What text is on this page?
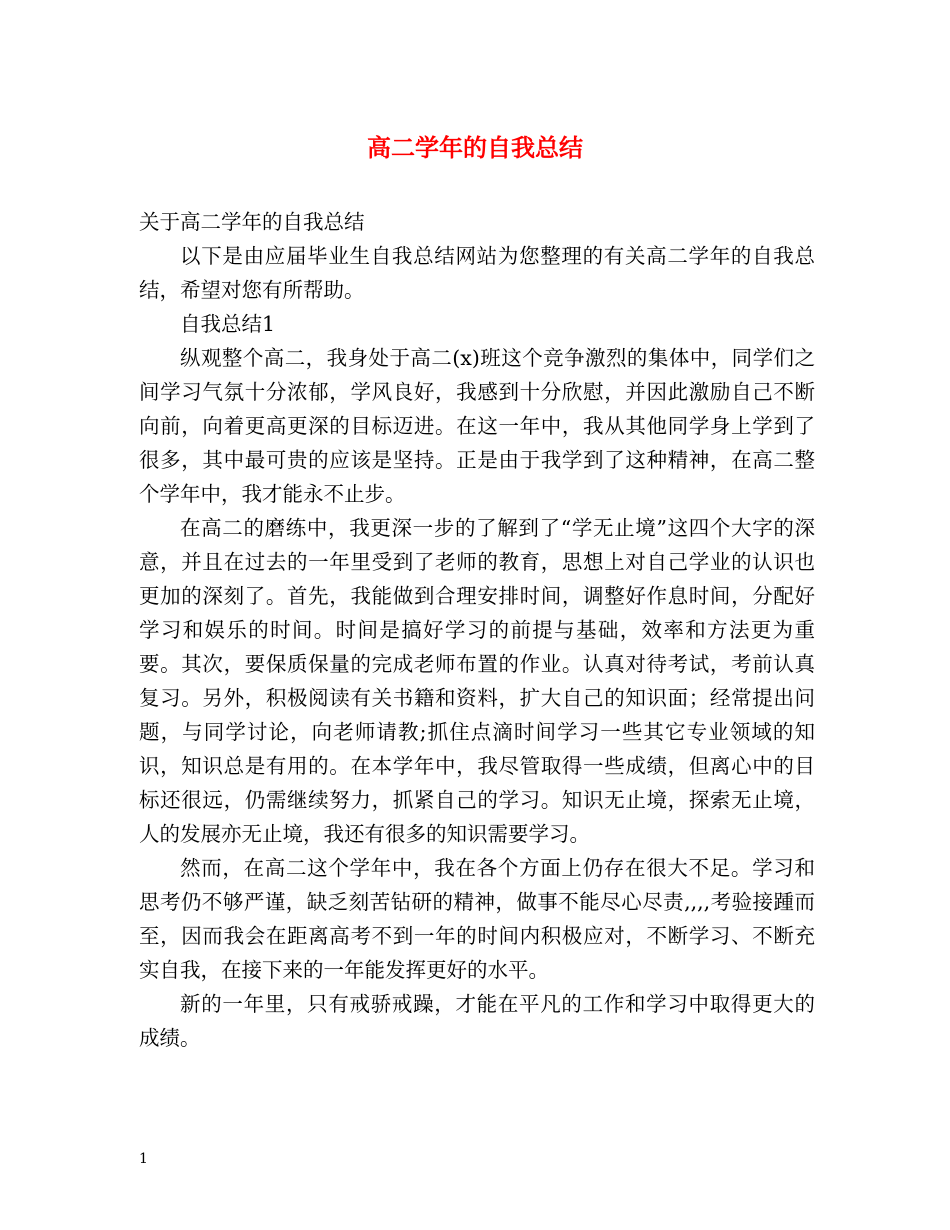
高二学年的自我总结

关于高二学年的自我总结

以下是由应届毕业生自我总结网站为您整理的有关高二学年的自我总结，希望对您有所帮助。

自我总结1

纵观整个高二，我身处于高二(x)班这个竞争激烈的集体中，同学们之间学习气氛十分浓郁，学风良好，我感到十分欣慰，并因此激励自己不断向前，向着更高更深的目标迈进。在这一年中，我从其他同学身上学到了很多，其中最可贵的应该是坚持。正是由于我学到了这种精神，在高二整个学年中，我才能永不止步。

在高二的磨练中，我更深一步的了解到了“学无止境”这四个大字的深意，并且在过去的一年里受到了老师的教育，思想上对自己学业的认识也更加的深刻了。首先，我能做到合理安排时间，调整好作息时间，分配好学习和娱乐的时间。时间是搞好学习的前提与基础，效率和方法更为重要。其次，要保质保量的完成老师布置的作业。认真对待考试，考前认真复习。另外，积极阅读有关书籍和资料，扩大自己的知识面；经常提出问题，与同学讨论，向老师请教;抓住点滴时间学习一些其它专业领域的知识，知识总是有用的。在本学年中，我尽管取得一些成绩，但离心中的目标还很远，仍需继续努力，抓紧自己的学习。知识无止境，探索无止境，人的发展亦无止境，我还有很多的知识需要学习。

然而，在高二这个学年中，我在各个方面上仍存在很大不足。学习和思考仍不够严谨，缺乏刻苦钻研的精神，做事不能尽心尽责,,,,考验接踵而至，因而我会在距离高考不到一年的时间内积极应对，不断学习、不断充实自我，在接下来的一年能发挥更好的水平。

新的一年里，只有戒骄戒躁，才能在平凡的工作和学习中取得更大的成绩。

1
